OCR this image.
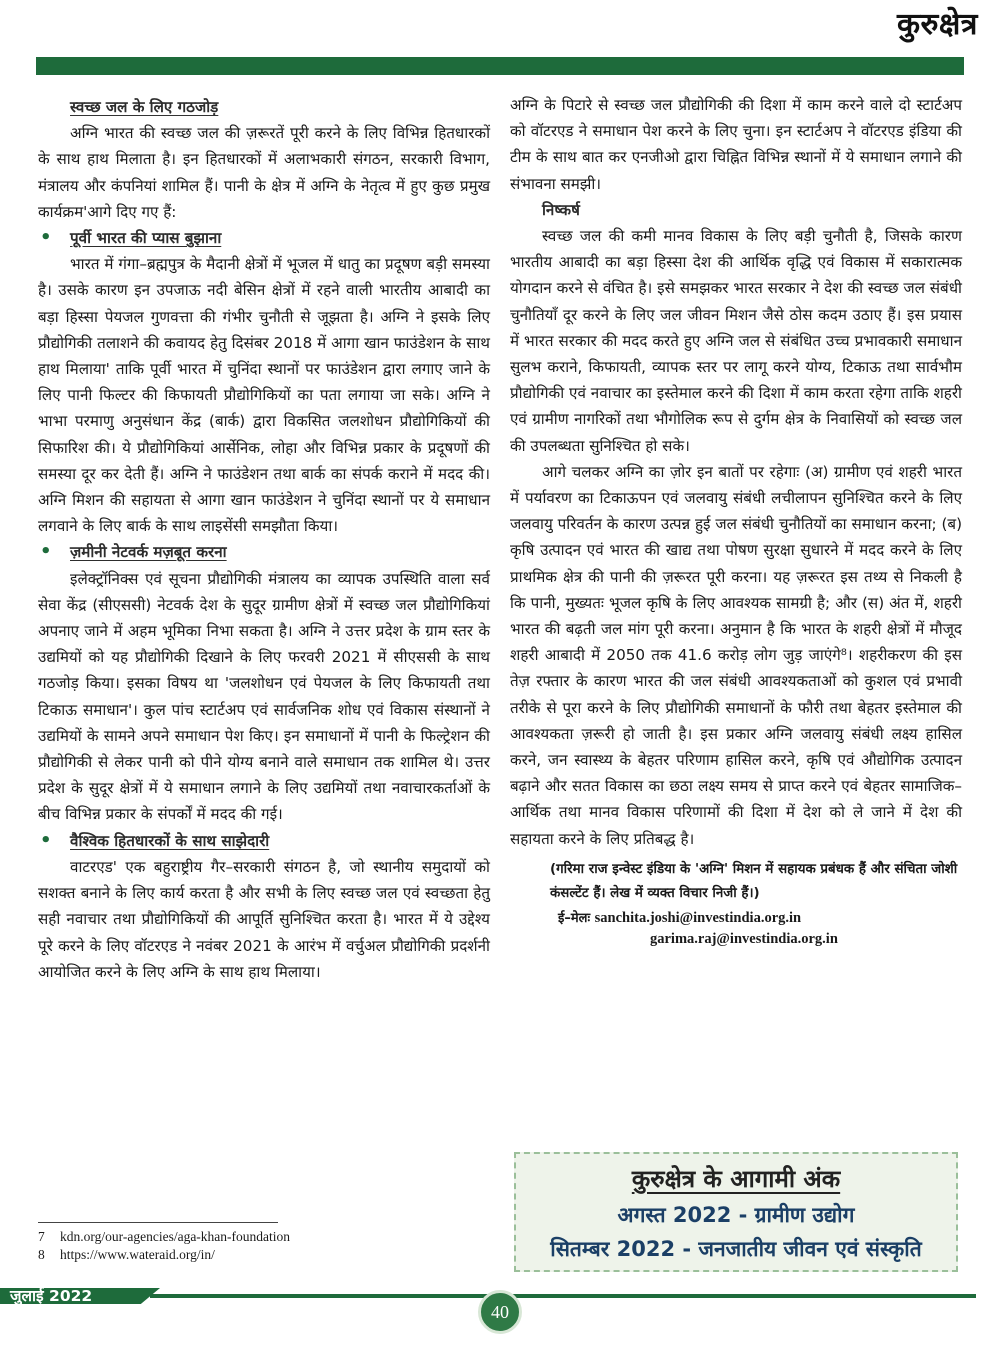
कुरुक्षेत्र
स्वच्छ जल के लिए गठजोड़

अग्नि भारत की स्वच्छ जल की ज़रूरतें पूरी करने के लिए विभिन्न हितधारकों के साथ हाथ मिलाता है। इन हितधारकों में अलाभकारी संगठन, सरकारी विभाग, मंत्रालय और कंपनियां शामिल हैं। पानी के क्षेत्र में अग्नि के नेतृत्व में हुए कुछ प्रमुख कार्यक्रम'आगे दिए गए हैं:

• पूर्वी भारत की प्यास बुझाना

भारत में गंगा–ब्रह्मपुत्र के मैदानी क्षेत्रों में भूजल में धातु का प्रदूषण बड़ी समस्या है। उसके कारण इन उपजाऊ नदी बेसिन क्षेत्रों में रहने वाली भारतीय आबादी का बड़ा हिस्सा पेयजल गुणवत्ता की गंभीर चुनौती से जूझता है। अग्नि ने इसके लिए प्रौद्योगिकी तलाशने की कवायद हेतु दिसंबर 2018 में आगा खान फाउंडेशन के साथ हाथ मिलाया' ताकि पूर्वी भारत में चुनिंदा स्थानों पर फाउंडेशन द्वारा लगाए जाने के लिए पानी फिल्टर की किफायती प्रौद्योगिकियों का पता लगाया जा सके। अग्नि ने भाभा परमाणु अनुसंधान केंद्र (बार्क) द्वारा विकसित जलशोधन प्रौद्योगिकियों की सिफारिश की। ये प्रौद्योगिकियां आर्सेनिक, लोहा और विभिन्न प्रकार के प्रदूषणों की समस्या दूर कर देती हैं। अग्नि ने फाउंडेशन तथा बार्क का संपर्क कराने में मदद की। अग्नि मिशन की सहायता से आगा खान फाउंडेशन ने चुनिंदा स्थानों पर ये समाधान लगवाने के लिए बार्क के साथ लाइसेंसी समझौता किया।

• ज़मीनी नेटवर्क मज़बूत करना

इलेक्ट्रॉनिक्स एवं सूचना प्रौद्योगिकी मंत्रालय का व्यापक उपस्थिति वाला सर्व सेवा केंद्र (सीएससी) नेटवर्क देश के सुदूर ग्रामीण क्षेत्रों में स्वच्छ जल प्रौद्योगिकियां अपनाए जाने में अहम भूमिका निभा सकता है। अग्नि ने उत्तर प्रदेश के ग्राम स्तर के उद्यमियों को यह प्रौद्योगिकी दिखाने के लिए फरवरी 2021 में सीएससी के साथ गठजोड़ किया। इसका विषय था 'जलशोधन एवं पेयजल के लिए किफायती तथा टिकाऊ समाधान'। कुल पांच स्टार्टअप एवं सार्वजनिक शोध एवं विकास संस्थानों ने उद्यमियों के सामने अपने समाधान पेश किए। इन समाधानों में पानी के फिल्ट्रेशन की प्रौद्योगिकी से लेकर पानी को पीने योग्य बनाने वाले समाधान तक शामिल थे। उत्तर प्रदेश के सुदूर क्षेत्रों में ये समाधान लगाने के लिए उद्यमियों तथा नवाचारकर्ताओं के बीच विभिन्न प्रकार के संपर्कों में मदद की गई।

• वैश्विक हितधारकों के साथ साझेदारी

वाटरएड' एक बहुराष्ट्रीय गैर–सरकारी संगठन है, जो स्थानीय समुदायों को सशक्त बनाने के लिए कार्य करता है और सभी के लिए स्वच्छ जल एवं स्वच्छता हेतु सही नवाचार तथा प्रौद्योगिकियों की आपूर्ति सुनिश्चित करता है। भारत में ये उद्देश्य पूरे करने के लिए वॉटरएड ने नवंबर 2021 के आरंभ में वर्चुअल प्रौद्योगिकी प्रदर्शनी आयोजित करने के लिए अग्नि के साथ हाथ मिलाया।

अग्नि के पिटारे से स्वच्छ जल प्रौद्योगिकी की दिशा में काम करने वाले दो स्टार्टअप को वॉटरएड ने समाधान पेश करने के लिए चुना। इन स्टार्टअप ने वॉटरएड इंडिया की टीम के साथ बात कर एनजीओ द्वारा चिह्नित विभिन्न स्थानों में ये समाधान लगाने की संभावना समझी।

निष्कर्ष

स्वच्छ जल की कमी मानव विकास के लिए बड़ी चुनौती है, जिसके कारण भारतीय आबादी का बड़ा हिस्सा देश की आर्थिक वृद्धि एवं विकास में सकारात्मक योगदान करने से वंचित है। इसे समझकर भारत सरकार ने देश की स्वच्छ जल संबंधी चुनौतियाँ दूर करने के लिए जल जीवन मिशन जैसे ठोस कदम उठाए हैं। इस प्रयास में भारत सरकार की मदद करते हुए अग्नि जल से संबंधित उच्च प्रभावकारी समाधान सुलभ कराने, किफायती, व्यापक स्तर पर लागू करने योग्य, टिकाऊ तथा सार्वभौम प्रौद्योगिकी एवं नवाचार का इस्तेमाल करने की दिशा में काम करता रहेगा ताकि शहरी एवं ग्रामीण नागरिकों तथा भौगोलिक रूप से दुर्गम क्षेत्र के निवासियों को स्वच्छ जल की उपलब्धता सुनिश्चित हो सके।

आगे चलकर अग्नि का ज़ोर इन बातों पर रहेगाः (अ) ग्रामीण एवं शहरी भारत में पर्यावरण का टिकाऊपन एवं जलवायु संबंधी लचीलापन सुनिश्चित करने के लिए जलवायु परिवर्तन के कारण उत्पन्न हुई जल संबंधी चुनौतियों का समाधान करना; (ब) कृषि उत्पादन एवं भारत की खाद्य तथा पोषण सुरक्षा सुधारने में मदद करने के लिए प्राथमिक क्षेत्र की पानी की ज़रूरत पूरी करना। यह ज़रूरत इस तथ्य से निकली है कि पानी, मुख्यतः भूजल कृषि के लिए आवश्यक सामग्री है; और (स) अंत में, शहरी भारत की बढ़ती जल मांग पूरी करना। अनुमान है कि भारत के शहरी क्षेत्रों में मौजूद शहरी आबादी में 2050 तक 41.6 करोड़ लोग जुड़ जाएंगे⁸। शहरीकरण की इस तेज़ रफ्तार के कारण भारत की जल संबंधी आवश्यकताओं को कुशल एवं प्रभावी तरीके से पूरा करने के लिए प्रौद्योगिकी समाधानों के फौरी तथा बेहतर इस्तेमाल की आवश्यकता ज़रूरी हो जाती है। इस प्रकार अग्नि जलवायु संबंधी लक्ष्य हासिल करने, जन स्वास्थ्य के बेहतर परिणाम हासिल करने, कृषि एवं औद्योगिक उत्पादन बढ़ाने और सतत विकास का छठा लक्ष्य समय से प्राप्त करने एवं बेहतर सामाजिक–आर्थिक तथा मानव विकास परिणामों की दिशा में देश को ले जाने में देश की सहायता करने के लिए प्रतिबद्ध है।

(गरिमा राज इन्वेस्ट इंडिया के 'अग्नि' मिशन में सहायक प्रबंधक हैं और संचिता जोशी कंसल्टेंट हैं। लेख में व्यक्त विचार निजी हैं।)
ई–मेलः sanchita.joshi@investindia.org.in
garima.raj@investindia.org.in
कुरुक्षेत्र के आगामी अंक
अगस्त 2022 - ग्रामीण उद्योग
सितम्बर 2022 - जनजातीय जीवन एवं संस्कृति
7 kdn.org/our-agencies/aga-khan-foundation
8 https://www.wateraid.org/in/
जुलाई 2022
40
